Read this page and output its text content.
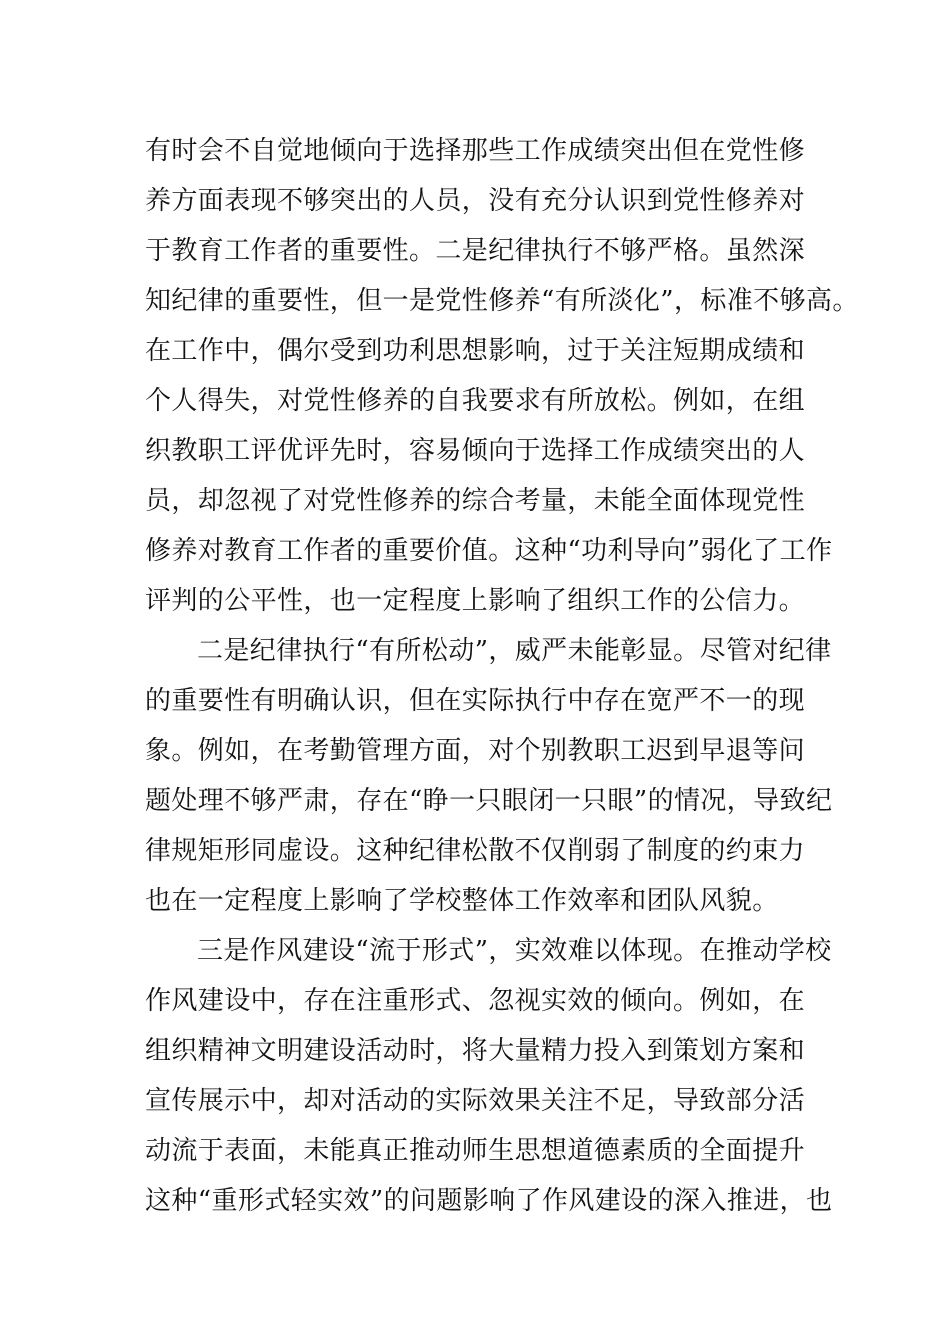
有时会不自觉地倾向于选择那些工作成绩突出但在党性修
养方面表现不够突出的人员，没有充分认识到党性修养对
于教育工作者的重要性。二是纪律执行不够严格。虽然深
知纪律的重要性，但一是党性修养“有所淡化”，标准不够高。
在工作中，偶尔受到功利思想影响，过于关注短期成绩和
个人得失，对党性修养的自我要求有所放松。例如，在组
织教职工评优评先时，容易倾向于选择工作成绩突出的人
员，却忽视了对党性修养的综合考量，未能全面体现党性
修养对教育工作者的重要价值。这种“功利导向”弱化了工作
评判的公平性，也一定程度上影响了组织工作的公信力。
二是纪律执行“有所松动”，威严未能彰显。尽管对纪律
的重要性有明确认识，但在实际执行中存在宽严不一的现
象。例如，在考勤管理方面，对个别教职工迟到早退等问
题处理不够严肃，存在“睁一只眼闭一只眼”的情况，导致纪
律规矩形同虚设。这种纪律松散不仅削弱了制度的约束力
也在一定程度上影响了学校整体工作效率和团队风貌。
三是作风建设“流于形式”，实效难以体现。在推动学校
作风建设中，存在注重形式、忽视实效的倾向。例如，在
组织精神文明建设活动时，将大量精力投入到策划方案和
宣传展示中，却对活动的实际效果关注不足，导致部分活
动流于表面，未能真正推动师生思想道德素质的全面提升
这种“重形式轻实效”的问题影响了作风建设的深入推进，也
